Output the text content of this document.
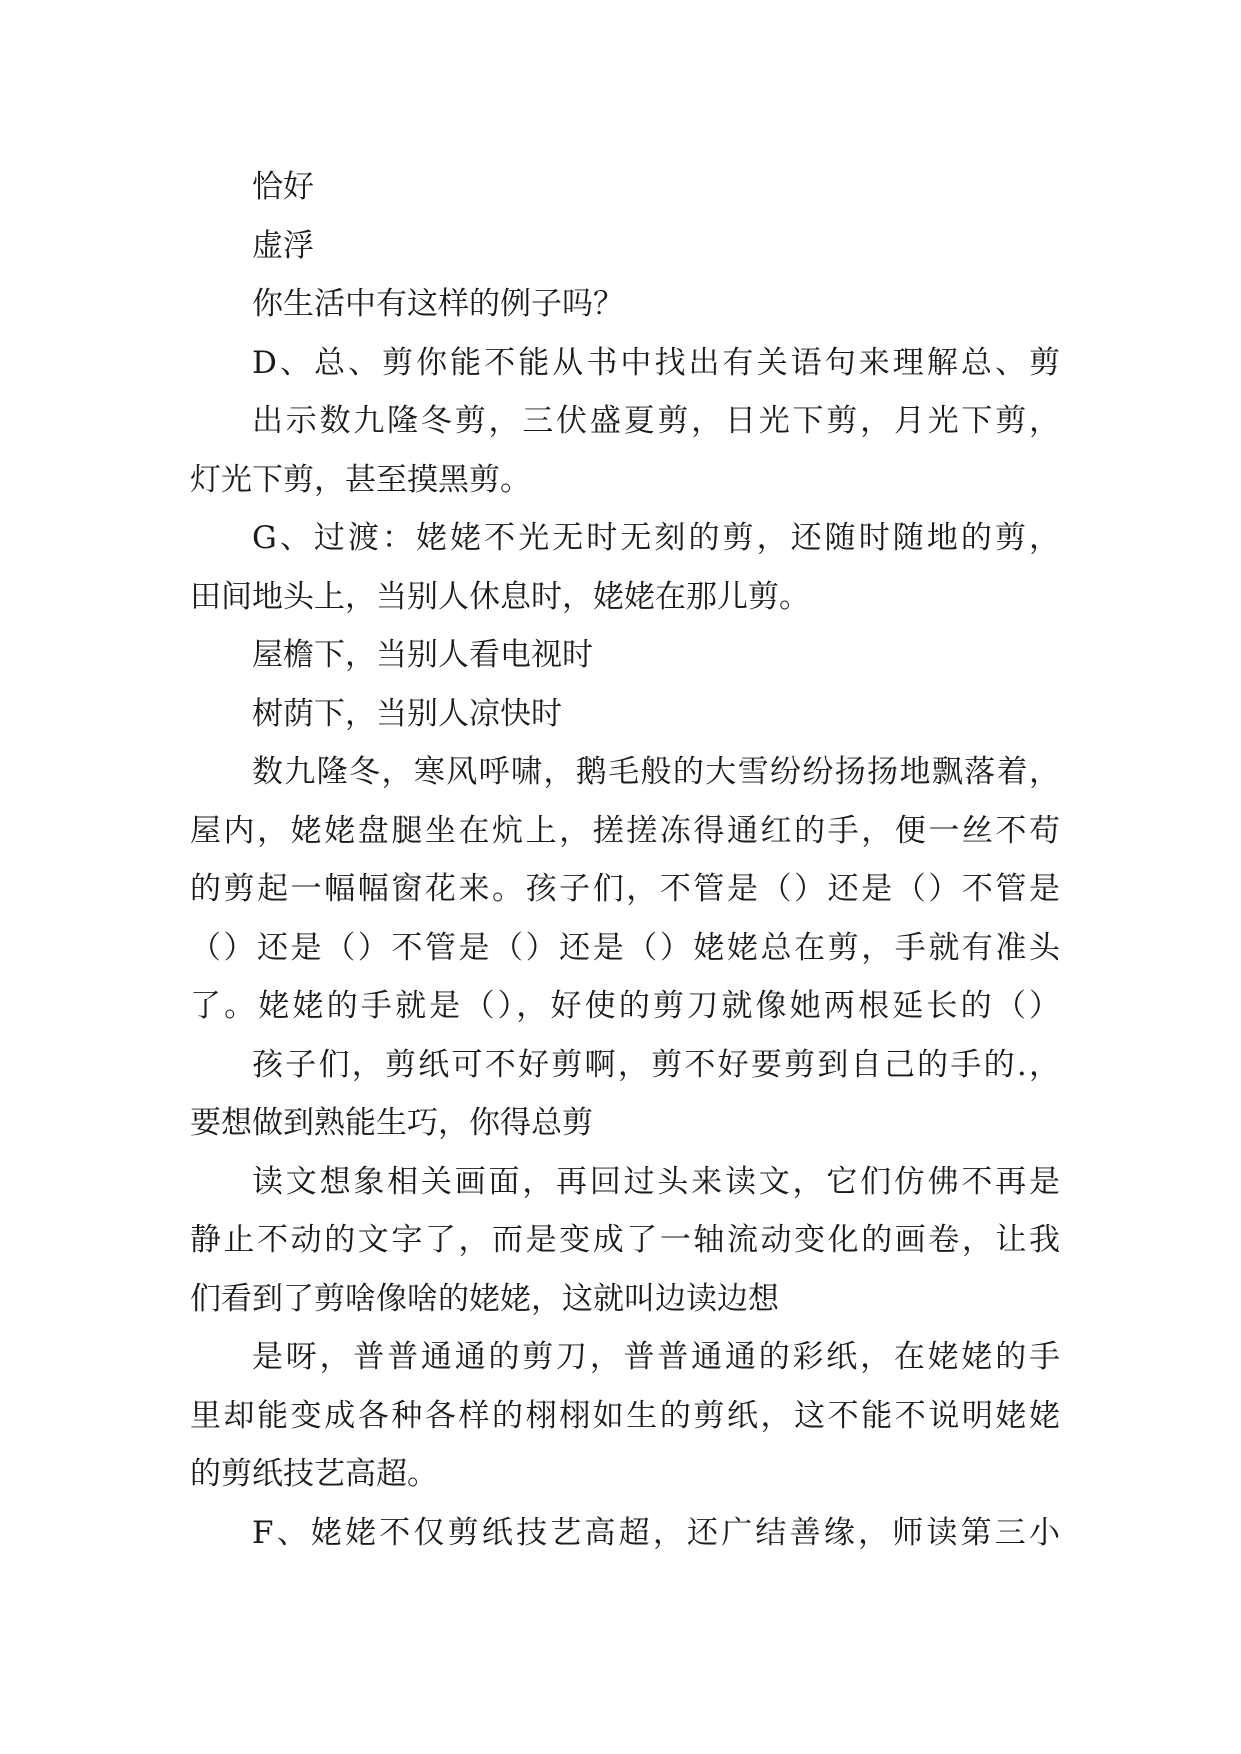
恰好
虚浮
你生活中有这样的例子吗？
D、总、剪你能不能从书中找出有关语句来理解总、剪
出示数九隆冬剪，三伏盛夏剪，日光下剪，月光下剪，
灯光下剪，甚至摸黑剪。
G、过渡：姥姥不光无时无刻的剪，还随时随地的剪，
田间地头上，当别人休息时，姥姥在那儿剪。
屋檐下，当别人看电视时
树荫下，当别人凉快时
数九隆冬，寒风呼啸，鹅毛般的大雪纷纷扬扬地飘落着，
屋内，姥姥盘腿坐在炕上，搓搓冻得通红的手，便一丝不苟
的剪起一幅幅窗花来。孩子们，不管是（）还是（）不管是
（）还是（）不管是（）还是（）姥姥总在剪，手就有准头
了。姥姥的手就是（），好使的剪刀就像她两根延长的（）
孩子们，剪纸可不好剪啊，剪不好要剪到自己的手的.，
要想做到熟能生巧，你得总剪
读文想象相关画面，再回过头来读文，它们仿佛不再是
静止不动的文字了，而是变成了一轴流动变化的画卷，让我
们看到了剪啥像啥的姥姥，这就叫边读边想
是呀，普普通通的剪刀，普普通通的彩纸，在姥姥的手
里却能变成各种各样的栩栩如生的剪纸，这不能不说明姥姥
的剪纸技艺高超。
F、姥姥不仅剪纸技艺高超，还广结善缘，师读第三小
